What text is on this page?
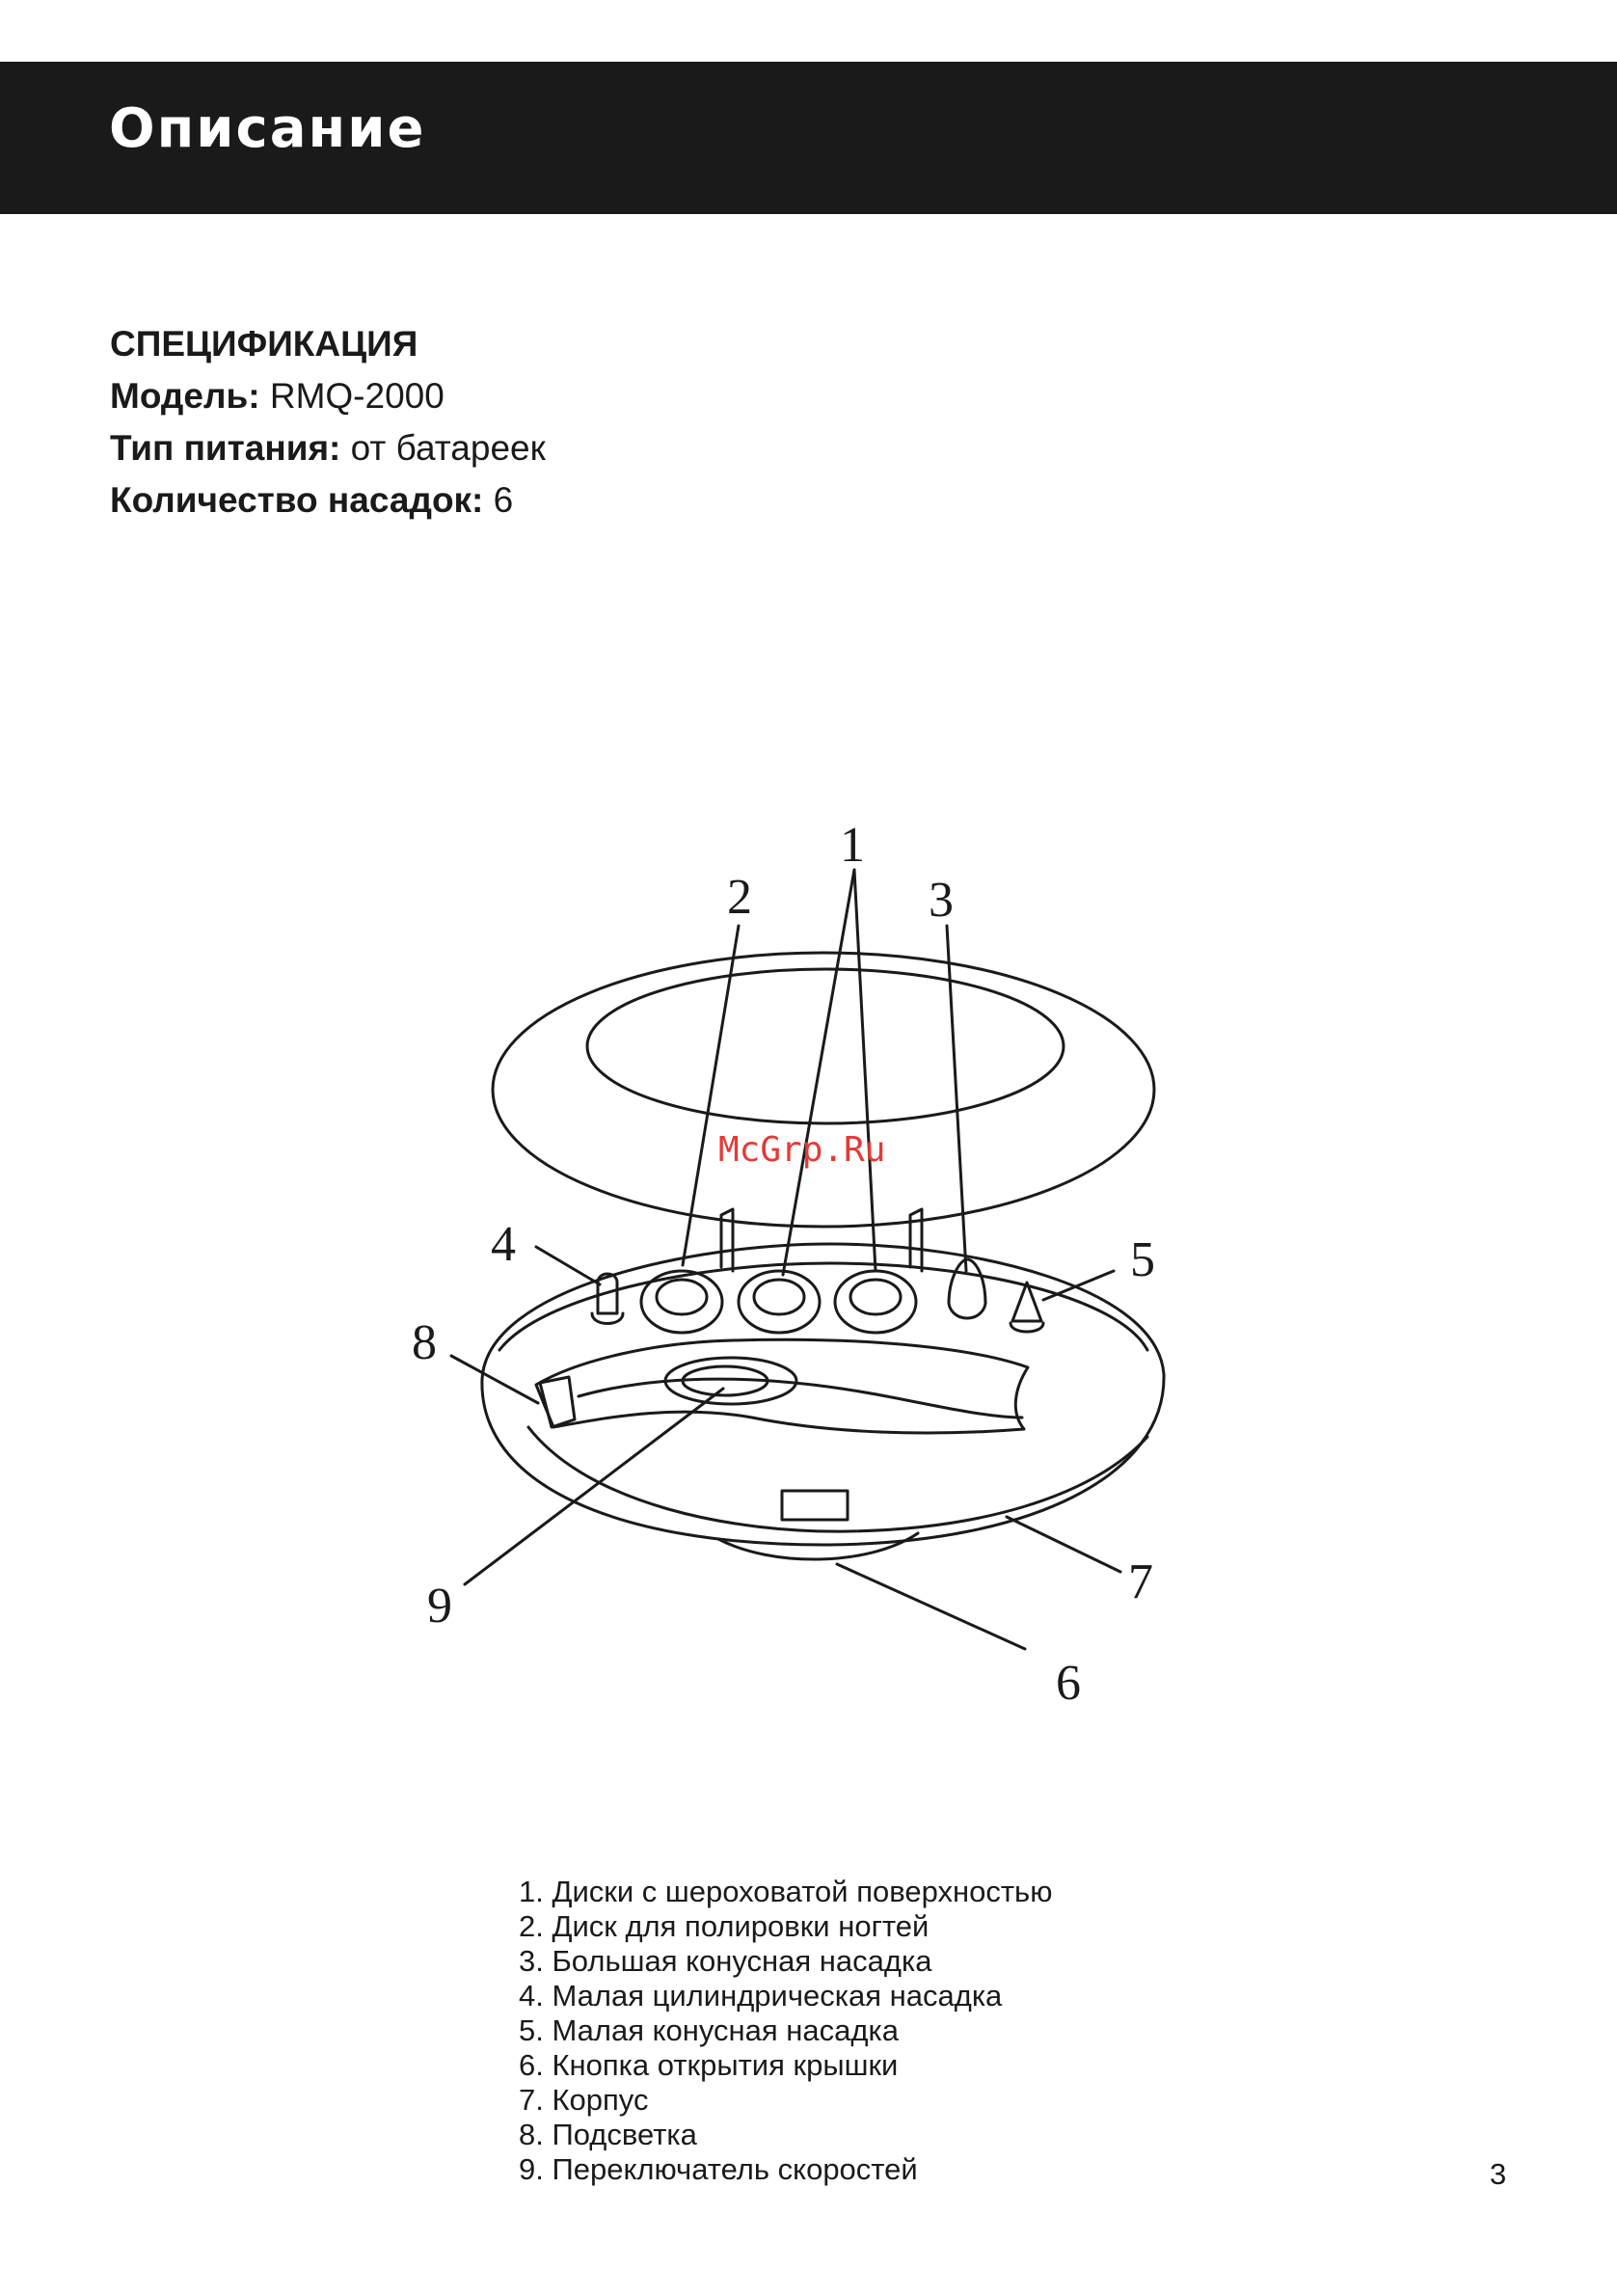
Описание
СПЕЦИФИКАЦИЯ
Модель: RMQ-2000
Тип питания: от батареек
Количество насадок: 6
McGrp.Ru
1
2	3
4	5
6
7
8
9
1. Диски с шероховатой поверхностью
2. Диск для полировки ногтей
3. Большая конусная насадка
4. Малая цилиндрическая насадка
5. Малая конусная насадка
6. Кнопка открытия крышки
7. Корпус
8. Подсветка
9. Переключатель скоростей	3
